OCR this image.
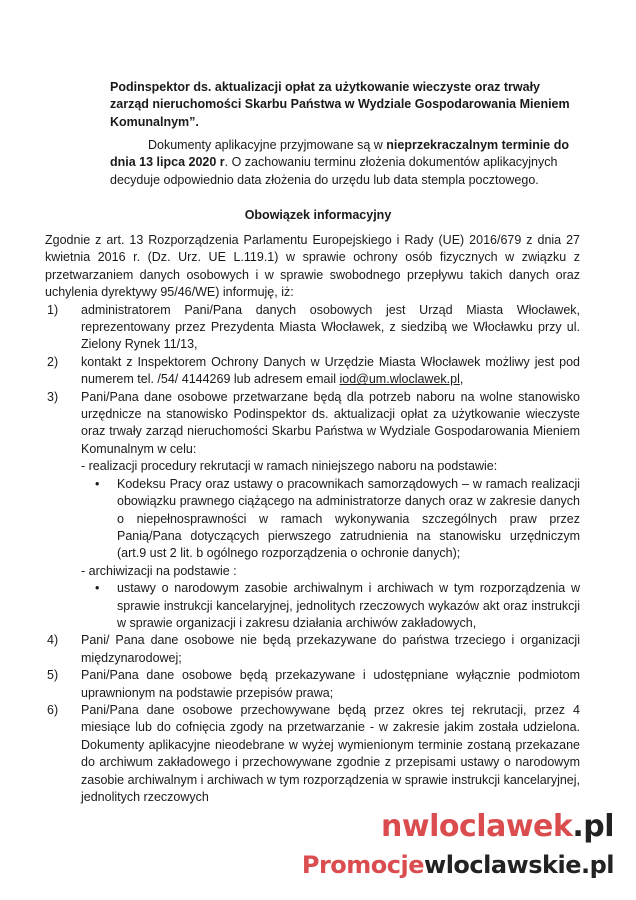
Podinspektor ds. aktualizacji opłat za użytkowanie wieczyste oraz trwały zarząd nieruchomości Skarbu Państwa w Wydziale Gospodarowania Mieniem Komunalnym”.
Dokumenty aplikacyjne przyjmowane są w nieprzekraczalnym terminie do dnia 13 lipca 2020 r. O zachowaniu terminu złożenia dokumentów aplikacyjnych decyduje odpowiednio data złożenia do urzędu lub data stempla pocztowego.
Obowiązek informacyjny
Zgodnie z art. 13 Rozporządzenia Parlamentu Europejskiego i Rady (UE) 2016/679 z dnia 27 kwietnia 2016 r. (Dz. Urz. UE L.119.1) w sprawie ochrony osób fizycznych w związku z przetwarzaniem danych osobowych i w sprawie swobodnego przepływu takich danych oraz uchylenia dyrektywy 95/46/WE) informuję, iż:
1) administratorem Pani/Pana danych osobowych jest Urząd Miasta Włocławek, reprezentowany przez Prezydenta Miasta Włocławek, z siedzibą we Włocławku przy ul. Zielony Rynek 11/13,
2) kontakt z Inspektorem Ochrony Danych w Urzędzie Miasta Włocławek możliwy jest pod numerem tel. /54/ 4144269 lub adresem email iod@um.wloclawek.pl,
3) Pani/Pana dane osobowe przetwarzane będą dla potrzeb naboru na wolne stanowisko urzędnicze na stanowisko Podinspektor ds. aktualizacji opłat za użytkowanie wieczyste oraz trwały zarząd nieruchomości Skarbu Państwa w Wydziale Gospodarowania Mieniem Komunalnym w celu:
- realizacji procedury rekrutacji w ramach niniejszego naboru na podstawie:
• Kodeksu Pracy oraz ustawy o pracownikach samorządowych – w ramach realizacji obowiązku prawnego ciążącego na administratorze danych oraz w zakresie danych o niepełnosprawności w ramach wykonywania szczególnych praw przez Panią/Pana dotyczących pierwszego zatrudnienia na stanowisku urzędniczym (art.9 ust 2 lit. b ogólnego rozporządzenia o ochronie danych);
- archiwizacji na podstawie :
• ustawy o narodowym zasobie archiwalnym i archiwach w tym rozporządzenia w sprawie instrukcji kancelaryjnej, jednolitych rzeczowych wykazów akt oraz instrukcji w sprawie organizacji i zakresu działania archiwów zakładowych,
4) Pani/ Pana dane osobowe nie będą przekazywane do państwa trzeciego i organizacji międzynarodowej;
5) Pani/Pana dane osobowe będą przekazywane i udostępniane wyłącznie podmiotom uprawnionym na podstawie przepisów prawa;
6) Pani/Pana dane osobowe przechowywane będą przez okres tej rekrutacji, przez 4 miesiące lub do cofnięcia zgody na przetwarzanie - w zakresie jakim została udzielona. Dokumenty aplikacyjne nieodebrane w wyżej wymienionym terminie zostaną przekazane do archiwum zakładowego i przechowywane zgodnie z przepisami ustawy o narodowym zasobie archiwalnym i archiwach w tym rozporządzenia w sprawie instrukcji kancelaryjnej, jednolitych rzeczowych
nwloclawek.pl
Promocjewloclawskie.pl
